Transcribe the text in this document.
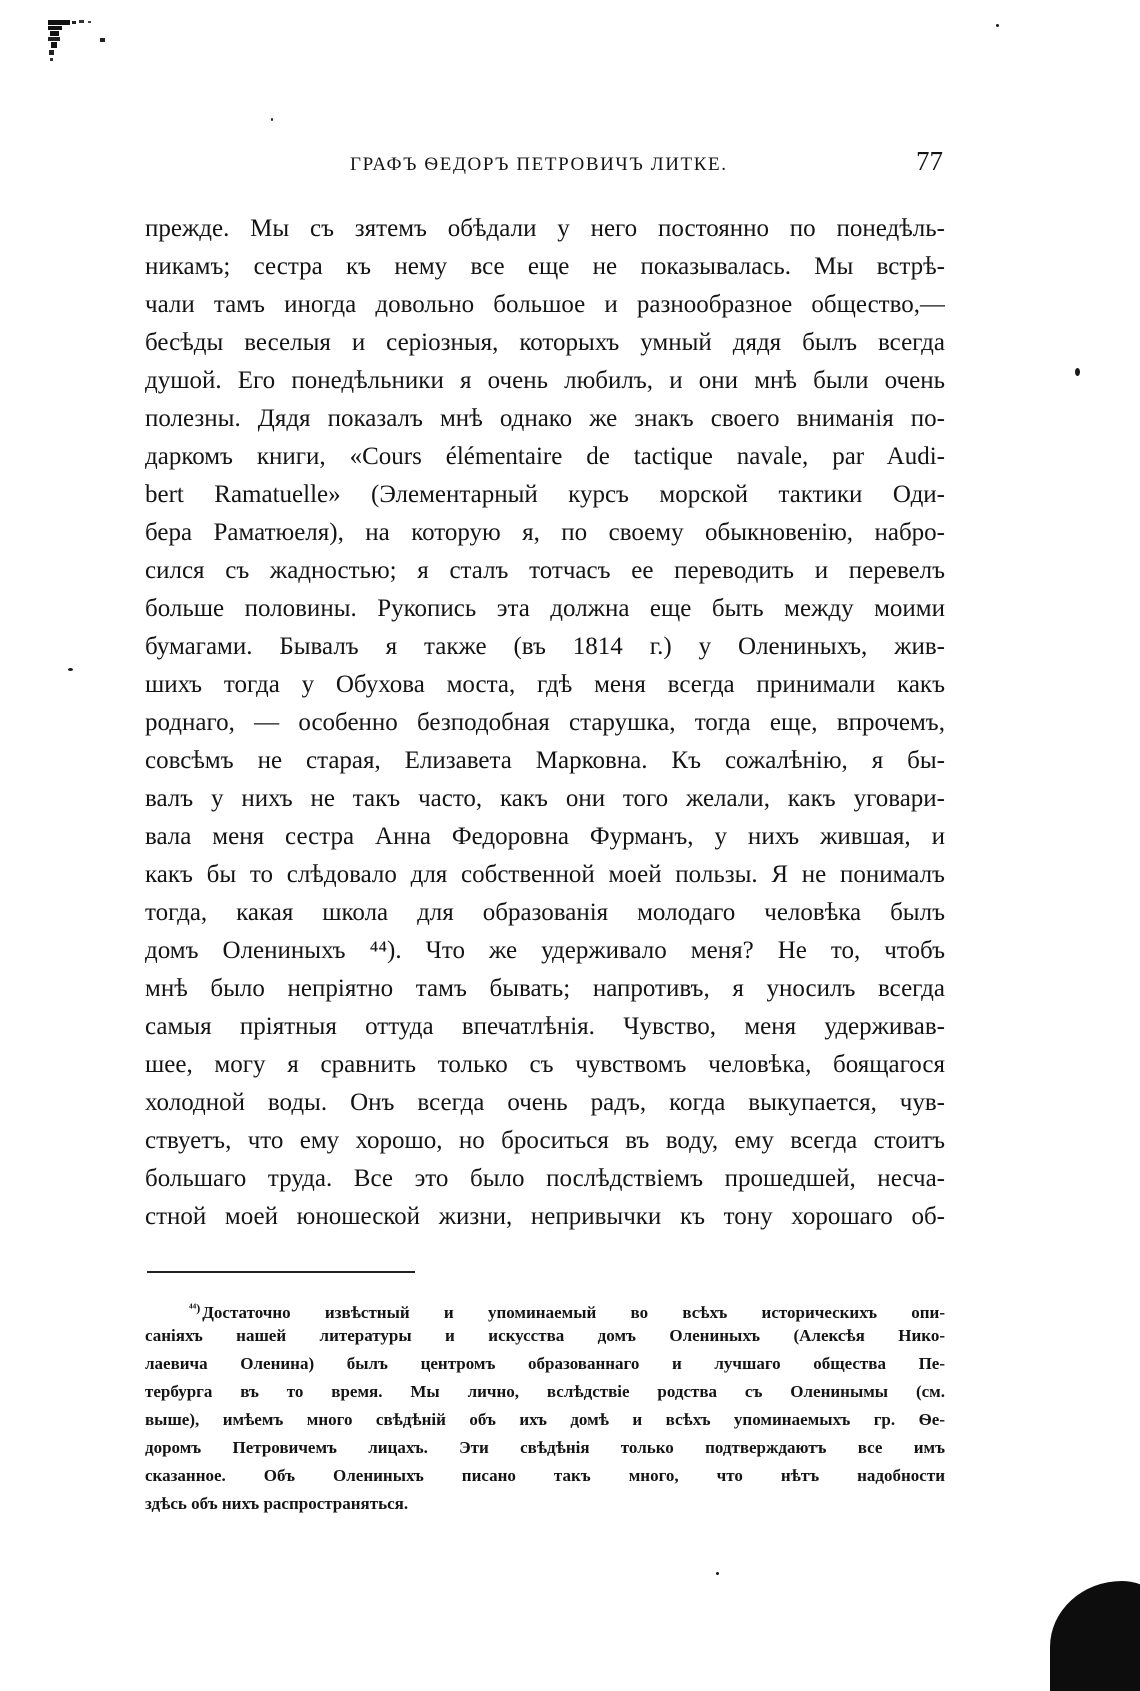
ГРАФЪ ѲЕДОРЪ ПЕТРОВИЧЪ ЛИТКЕ.	77
прежде. Мы съ зятемъ обѣдали у него постоянно по понедѣль-
никамъ; сестра къ нему все еще не показывалась. Мы встрѣ-
чали тамъ иногда довольно большое и разнообразное общество,—
бесѣды веселыя и серіозныя, которыхъ умный дядя былъ всегда
душой. Его понедѣльники я очень любилъ, и они мнѣ были очень
полезны. Дядя показалъ мнѣ однако же знакъ своего вниманія по-
даркомъ книги, «Cours élémentaire de tactique navale, par Audi-
bert Ramatuelle» (Элементарный курсъ морской тактики Оди-
бера Раматюеля), на которую я, по своему обыкновенію, набро-
сился съ жадностью; я сталъ тотчасъ ее переводить и перевелъ
больше половины. Рукопись эта должна еще быть между моими
бумагами. Бывалъ я также (въ 1814 г.) у Олениныхъ, жив-
шихъ тогда у Обухова моста, гдѣ меня всегда принимали какъ
роднаго, — особенно безподобная старушка, тогда еще, впрочемъ,
совсѣмъ не старая, Елизавета Марковна. Къ сожалѣнію, я бы-
валъ у нихъ не такъ часто, какъ они того желали, какъ уговари-
вала меня сестра Анна Федоровна Фурманъ, у нихъ жившая, и
какъ бы то слѣдовало для собственной моей пользы. Я не понималъ
тогда, какая школа для образованія молодаго человѣка былъ
домъ Олениныхъ ⁴⁴). Что же удерживало меня? Не то, чтобъ
мнѣ было непріятно тамъ бывать; напротивъ, я уносилъ всегда
самыя пріятныя оттуда впечатлѣнія. Чувство, меня удерживав-
шее, могу я сравнить только съ чувствомъ человѣка, боящагося
холодной воды. Онъ всегда очень радъ, когда выкупается, чув-
ствуетъ, что ему хорошо, но броситься въ воду, ему всегда стоитъ
большаго труда. Все это было послѣдствіемъ прошедшей, несча-
стной моей юношеской жизни, непривычки къ тону хорошаго об-
$^{^{44})}$ Достаточно извѣстный и упоминаемый во всѣхъ историческихъ опи-
саніяхъ нашей литературы и искусства домъ Олениныхъ (Алексѣя Нико-
лаевича Оленина) былъ центромъ образованнаго и лучшаго общества Пе-
тербурга въ то время. Мы лично, вслѣдствіе родства съ Оленинымы (см.
выше), имѣемъ много свѣдѣній объ ихъ домѣ и всѣхъ упоминаемыхъ гр. Ѳе-
доромъ Петровичемъ лицахъ. Эти свѣдѣнія только подтверждаютъ все имъ
сказанное. Объ Олениныхъ писано такъ много, что нѣтъ надобности
здѣсь объ нихъ распространяться.
